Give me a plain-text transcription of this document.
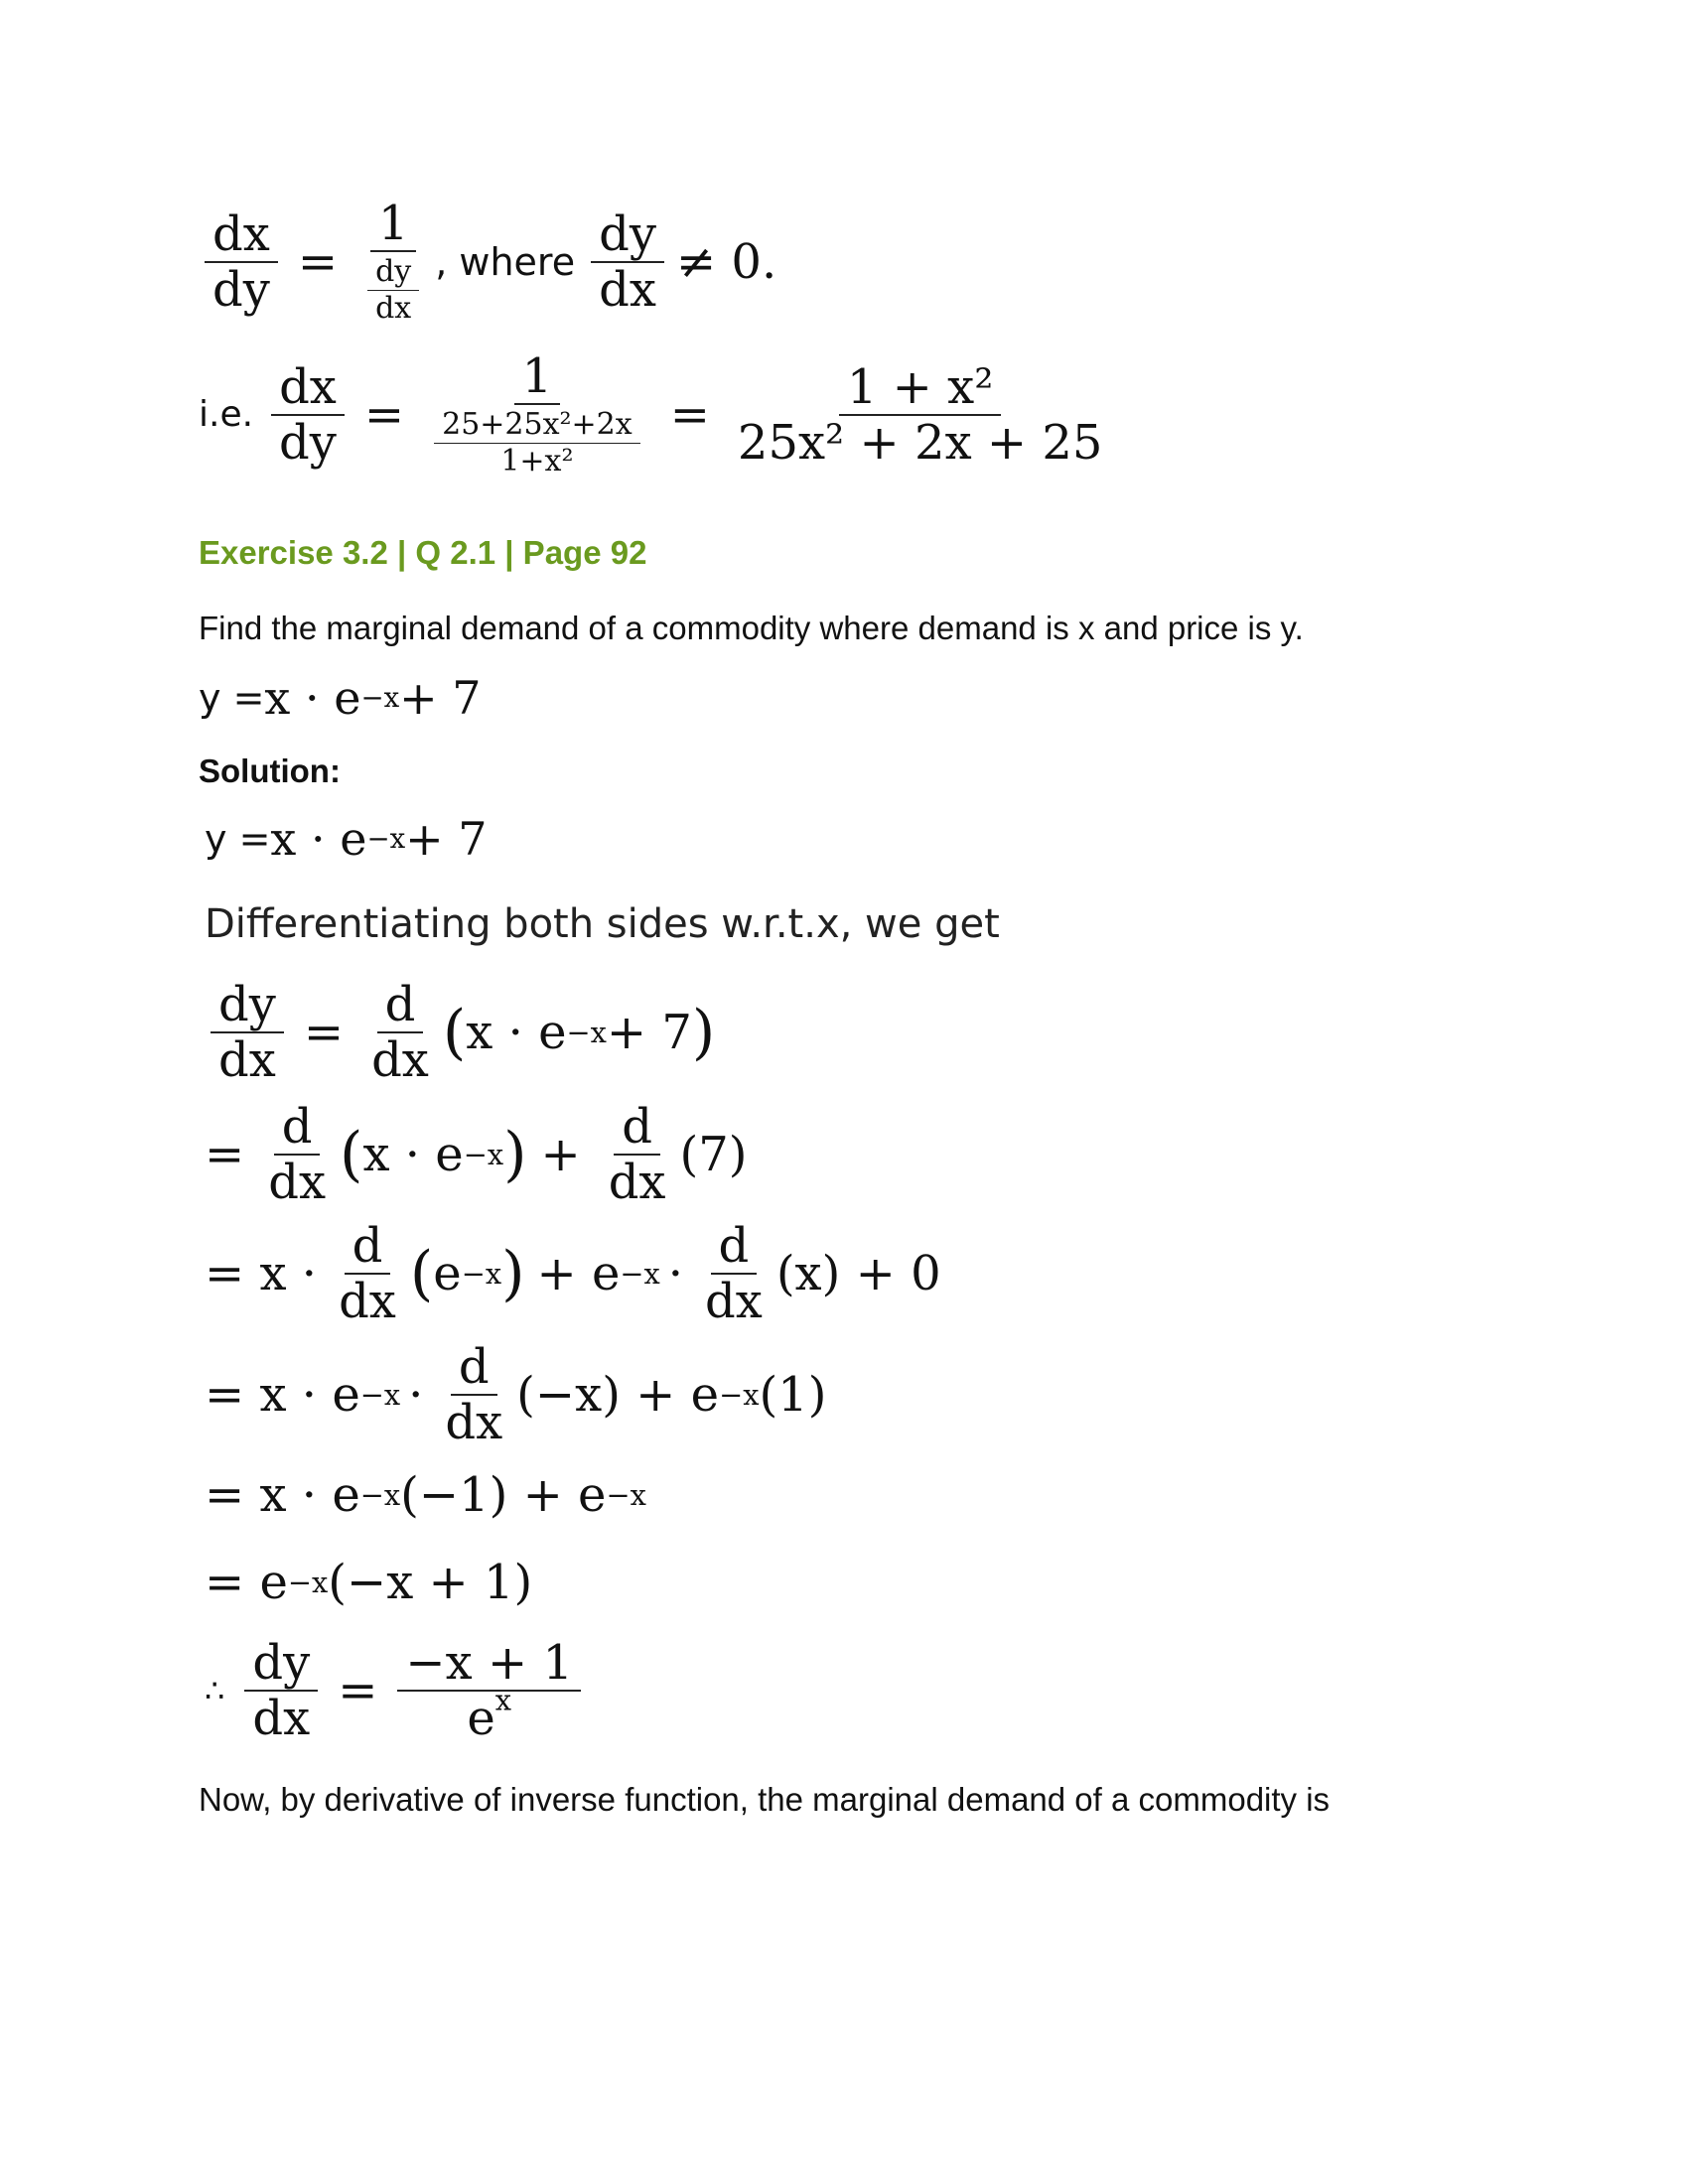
$\frac{dx}{dy} = \frac{1}{\frac{dy}{dx}}$ , where $\frac{dy}{dx} \ne 0$.
i.e. $\frac{dx}{dy} = \frac{1}{\frac{\text{25+25x²+2x}}{\text{1+x²}}} = \frac{\text{1 + x²}}{\text{25x² + 2x + 25}}$
Exercise 3.2 | Q 2.1 | Page 92
Find the marginal demand of a commodity where demand is x and price is y.
y = x · e −x + 7
Solution:
y = x · e −x + 7
Differentiating both sides w.r.t.x, we get
$\frac{dy}{dx} = \frac{d}{dx}$ ( x · e −x + 7 )
= $\frac{d}{dx}$ ( x · e −x ) + $\frac{d}{dx} (7)$
= $x \cdot \frac{d}{dx}$ ( e −x ) + $e -x \cdot \frac{d}{dx} (x) + 0$
= $x \cdot e -x \cdot \frac{d}{dx} (-x) + e -x$ (1)
= x · e −x (−1) + e −x
= e −x (−x + 1)
∴ $\frac{dy}{dx} = \frac{-x + 1}{e^x}$
Now, by derivative of inverse function, the marginal demand of a commodity is
